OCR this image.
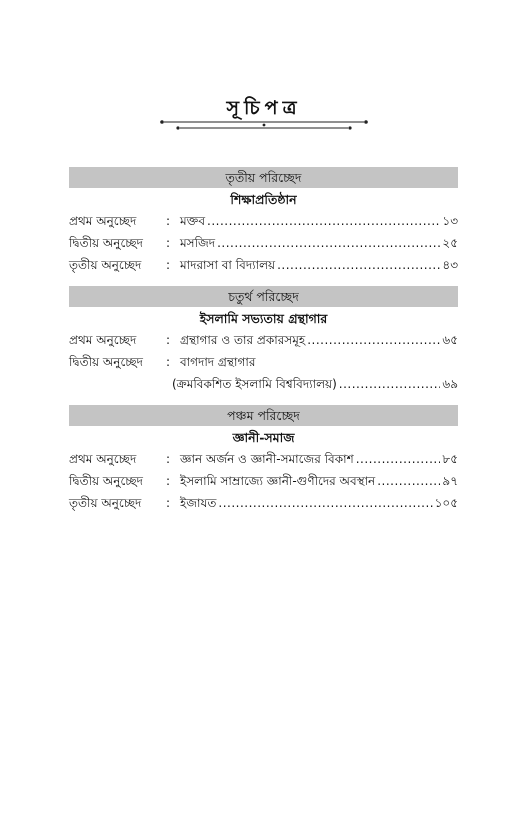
সূচিপত্র
তৃতীয় পরিচ্ছেদ
শিক্ষাপ্রতিষ্ঠান
প্রথম অনুচ্ছেদ	: মক্তব .....	১৩
দ্বিতীয় অনুচ্ছেদ	: মসজিদ .....	২৫
তৃতীয় অনুচ্ছেদ	: মাদরাসা বা বিদ্যালয় .....	৪৩
চতুর্থ পরিচ্ছেদ
ইসলামি সভ্যতায় গ্রন্থাগার
প্রথম অনুচ্ছেদ	: গ্রন্থাগার ও তার প্রকারসমূহ .....	৬৫
দ্বিতীয় অনুচ্ছেদ	: বাগদাদ গ্রন্থাগার
(ক্রমবিকশিত ইসলামি বিশ্ববিদ্যালয়) .....	৬৯
পঞ্চম পরিচ্ছেদ
জ্ঞানী-সমাজ
প্রথম অনুচ্ছেদ	: জ্ঞান অর্জন ও জ্ঞানী-সমাজের বিকাশ .....	৮৫
দ্বিতীয় অনুচ্ছেদ	: ইসলামি সাম্রাজ্যে জ্ঞানী-গুণীদের অবস্থান .....	৯৭
তৃতীয় অনুচ্ছেদ	: ইজাযত .....	১০৫
